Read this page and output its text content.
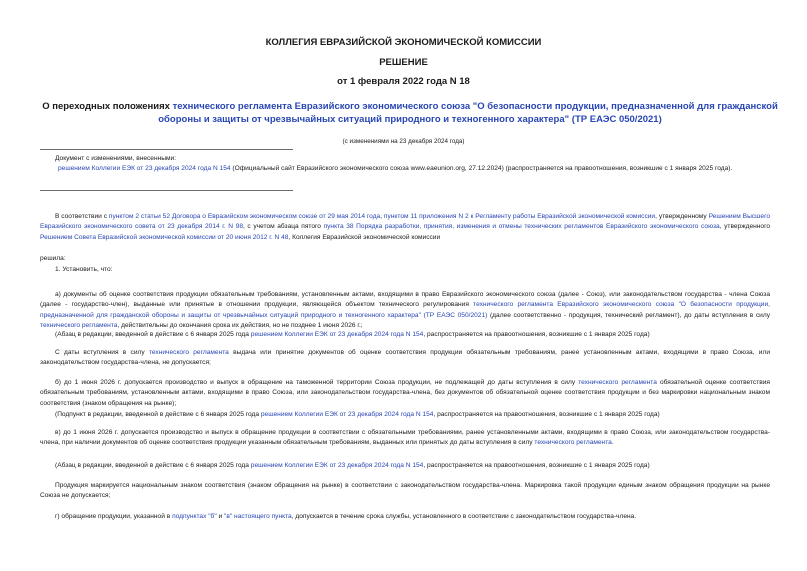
КОЛЛЕГИЯ ЕВРАЗИЙСКОЙ ЭКОНОМИЧЕСКОЙ КОМИССИИ

РЕШЕНИЕ

от 1 февраля 2022 года N 18

О переходных положениях технического регламента Евразийского экономического союза "О безопасности продукции, предназначенной для гражданской обороны и защиты от чрезвычайных ситуаций природного и техногенного характера" (ТР ЕАЭС 050/2021)

(с изменениями на 23 декабря 2024 года)

Документ с изменениями, внесенными:

решением Коллегии ЕЭК от 23 декабря 2024 года N 154 (Официальный сайт Евразийского экономического союза www.eaeunion.org, 27.12.2024) (распространяется на правоотношения, возникшие с 1 января 2025 года).

В соответствии с пунктом 2 статьи 52 Договора о Евразийском экономическом союзе от 29 мая 2014 года, пунктом 11 приложения N 2 к Регламенту работы Евразийской экономической комиссии, утвержденному Решением Высшего Евразийского экономического совета от 23 декабря 2014 г. N 98, с учетом абзаца пятого пункта 38 Порядка разработки, принятия, изменения и отмены технических регламентов Евразийского экономического союза, утвержденного Решением Совета Евразийской экономической комиссии от 20 июня 2012 г. N 48, Коллегия Евразийской экономической комиссии

решила:

1. Установить, что:

а) документы об оценке соответствия продукции обязательным требованиям, установленным актами, входящими в право Евразийского экономического союза (далее - Союз), или законодательством государства - члена Союза (далее - государство-член), выданные или принятые в отношении продукции, являющейся объектом технического регулирования технического регламента Евразийского экономического союза "О безопасности продукции, предназначенной для гражданской обороны и защиты от чрезвычайных ситуаций природного и техногенного характера" (ТР ЕАЭС 050/2021) (далее соответственно - продукция, технический регламент), до даты вступления в силу технического регламента, действительны до окончания срока их действия, но не позднее 1 июня 2026 г.;

(Абзац в редакции, введенной в действие с 6 января 2025 года решением Коллегии ЕЭК от 23 декабря 2024 года N 154, распространяется на правоотношения, возникшие с 1 января 2025 года)

С даты вступления в силу технического регламента выдача или принятие документов об оценке соответствия продукции обязательным требованиям, ранее установленным актами, входящими в право Союза, или законодательством государства-члена, не допускается;

б) до 1 июня 2026 г. допускается производство и выпуск в обращение на таможенной территории Союза продукции, не подлежащей до даты вступления в силу технического регламента обязательной оценке соответствия обязательным требованиям, установленным актами, входящими в право Союза, или законодательством государства-члена, без документов об обязательной оценке соответствия продукции и без маркировки национальным знаком соответствия (знаком обращения на рынке);

(Подпункт в редакции, введенной в действие с 6 января 2025 года решением Коллегии ЕЭК от 23 декабря 2024 года N 154, распространяется на правоотношения, возникшие с 1 января 2025 года)

в) до 1 июня 2026 г. допускается производство и выпуск в обращение продукции в соответствии с обязательными требованиями, ранее установленными актами, входящими в право Союза, или законодательством государства-члена, при наличии документов об оценке соответствия продукции указанным обязательным требованиям, выданных или принятых до даты вступления в силу технического регламента.

(Абзац в редакции, введенной в действие с 6 января 2025 года решением Коллегии ЕЭК от 23 декабря 2024 года N 154, распространяется на правоотношения, возникшие с 1 января 2025 года)

Продукция маркируется национальным знаком соответствия (знаком обращения на рынке) в соответствии с законодательством государства-члена. Маркировка такой продукции единым знаком обращения продукции на рынке Союза не допускается;

г) обращение продукции, указанной в подпунктах "б" и "в" настоящего пункта, допускается в течение срока службы, установленного в соответствии с законодательством государства-члена.
